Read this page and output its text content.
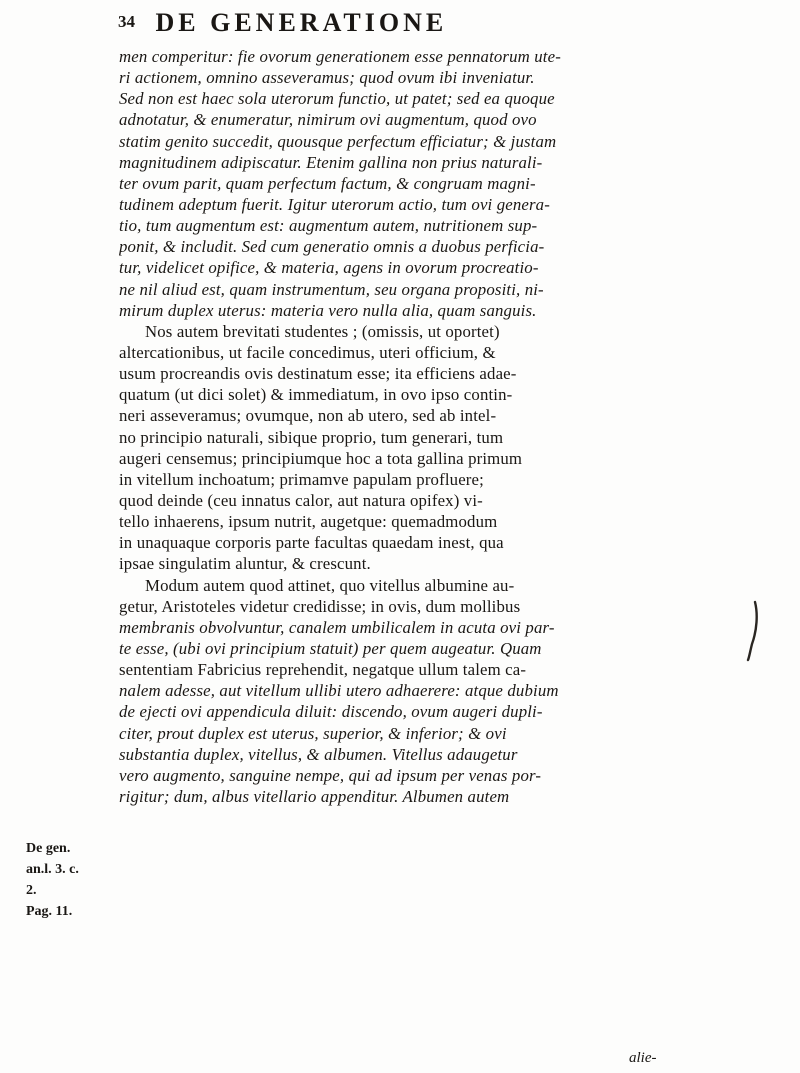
34 DE GENERATIONE
De gen.
an.l. 3. c.
2.
Pag. 11.
men comperitur: fie ovorum generationem esse pennatorum ute-
ri actionem, omnino asseveramus; quod ovum ibi inveniatur.
Sed non est haec sola uterorum functio, ut patet; sed ea quoque
adnotatur, & enumeratur, nimirum ovi augmentum, quod ovo
statim genito succedit, quousque perfectum efficiatur; & justam
magnitudinem adipiscatur. Etenim gallina non prius naturali-
ter ovum parit, quam perfectum factum, & congruam magni-
tudinem adeptum fuerit. Igitur uterorum actio, tum ovi genera-
tio, tum augmentum est: augmentum autem, nutritionem sup-
ponit, & includit. Sed cum generatio omnis a duobus perficia-
tur, videlicet opifice, & materia, agens in ovorum procreatio-
ne nil aliud est, quam instrumentum, seu organa propositi, ni-
mirum duplex uterus: materia vero nulla alia, quam sanguis.
Nos autem brevitati studentes ; (omissis, ut oportet)
altercationibus, ut facile concedimus, uteri officium, &
usum procreandis ovis destinatum esse; ita efficiens adae-
quatum (ut dici solet) & immediatum, in ovo ipso contin-
neri asseveramus; ovumque, non ab utero, sed ab intel-
no principio naturali, sibique proprio, tum generari, tum
augeri censemus; principiumque hoc a tota gallina primum
in vitellum inchoatum; primamve papulam profluere;
quod deinde (ceu innatus calor, aut natura opifex) vi-
tello inhaerens, ipsum nutrit, augetque: quemadmodum
in unaquaque corporis parte facultas quaedam inest, qua
ipsae singulatim aluntur, & crescunt.
Modum autem quod attinet, quo vitellus albumine au-
getur, Aristoteles videtur credidisse; in ovis, dum mollibus
membranis obvolvuntur, canalem umbilicalem in acuta ovi par-
te esse, (ubi ovi principium statuit) per quem augeatur. Quam
sententiam Fabricius reprehendit, negatque ullum talem ca-
nalem adesse, aut vitellum ullibi utero adhaerere: atque dubium
de ejecti ovi appendicula diluit: discendo, ovum augeri dupli-
citer, prout duplex est uterus, superior, & inferior; & ovi
substantia duplex, vitellus, & albumen. Vitellus adaugetur
vero augmento, sanguine nempe, qui ad ipsum per venas por-
rigitur; dum, albus vitellario appenditur. Albumen autem
alie-
